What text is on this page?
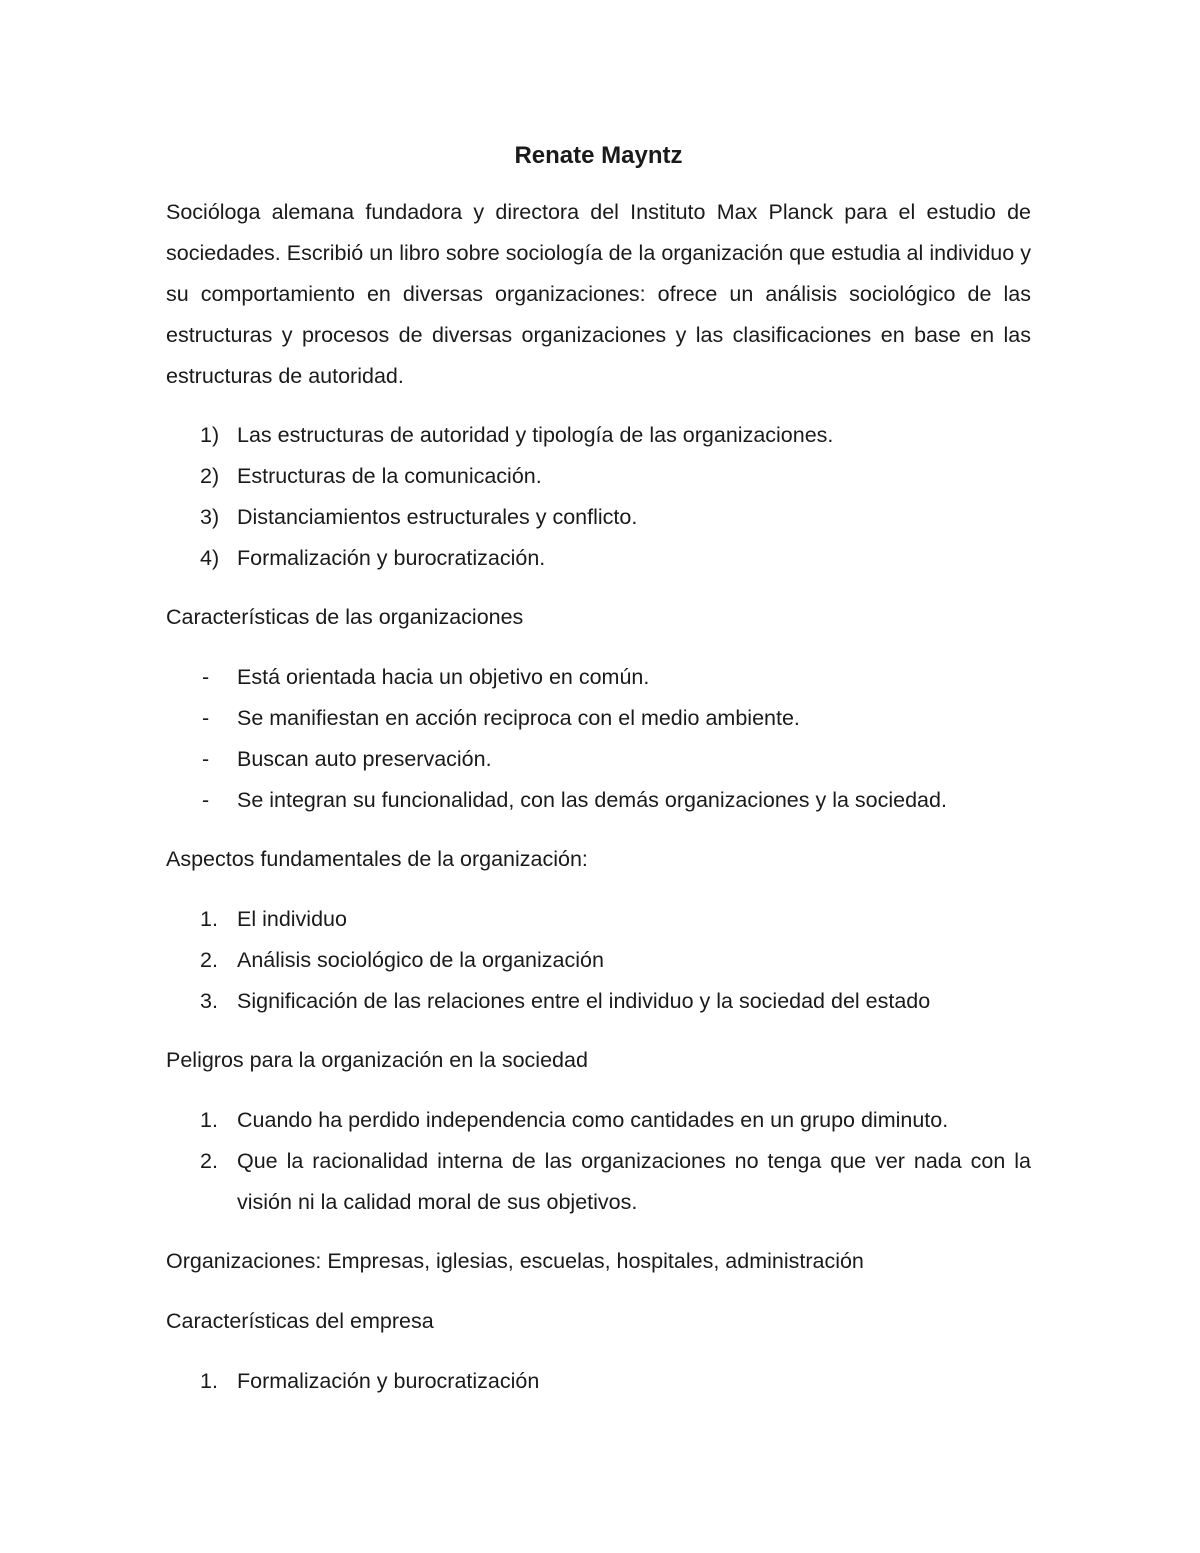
Renate Mayntz

Socióloga alemana fundadora y directora del Instituto Max Planck para el estudio de sociedades. Escribió un libro sobre sociología de la organización que estudia al individuo y su comportamiento en diversas organizaciones: ofrece un análisis sociológico de las estructuras y procesos de diversas organizaciones y las clasificaciones en base en las estructuras de autoridad.

1) Las estructuras de autoridad y tipología de las organizaciones.
2) Estructuras de la comunicación.
3) Distanciamientos estructurales y conflicto.
4) Formalización y burocratización.

Características de las organizaciones

- Está orientada hacia un objetivo en común.
- Se manifiestan en acción reciproca con el medio ambiente.
- Buscan auto preservación.
- Se integran su funcionalidad, con las demás organizaciones y la sociedad.

Aspectos fundamentales de la organización:

1. El individuo
2. Análisis sociológico de la organización
3. Significación de las relaciones entre el individuo y la sociedad del estado

Peligros para la organización en la sociedad

1. Cuando ha perdido independencia como cantidades en un grupo diminuto.
2. Que la racionalidad interna de las organizaciones no tenga que ver nada con la visión ni la calidad moral de sus objetivos.

Organizaciones: Empresas, iglesias, escuelas, hospitales, administración

Características del empresa

1. Formalización y burocratización
